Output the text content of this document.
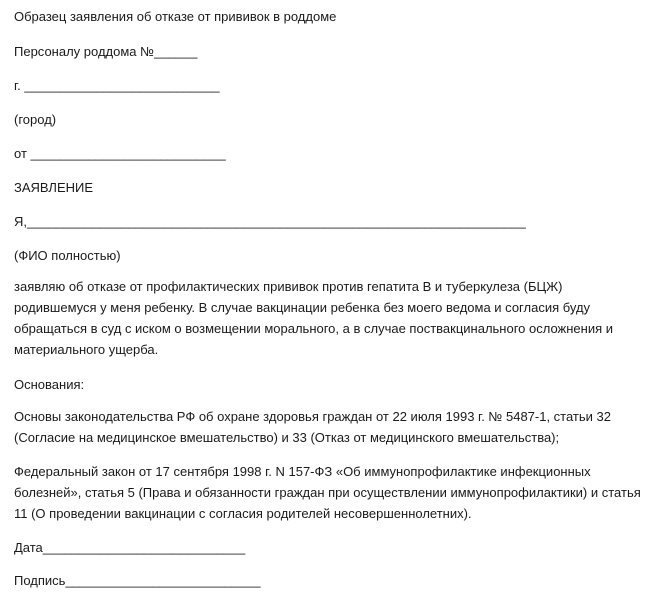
Образец заявления об отказе от прививок в роддоме
Персоналу роддома №______
г. ___________________________
(город)
от ___________________________
ЗАЯВЛЕНИЕ
Я,_____________________________________________________________________
(ФИО полностью)
заявляю об отказе от профилактических прививок против гепатита В и туберкулеза (БЦЖ)
родившемуся у меня ребенку. В случае вакцинации ребенка без моего ведома и согласия буду
обращаться в суд с иском о возмещении морального, а в случае поствакцинального осложнения и
материального ущерба.
Основания:
Основы законодательства РФ об охране здоровья граждан от 22 июля 1993 г. № 5487-1, статьи 32
(Согласие на медицинское вмешательство) и 33 (Отказ от медицинского вмешательства);
Федеральный закон от 17 сентября 1998 г. N 157-ФЗ «Об иммунопрофилактике инфекционных
болезней», статья 5 (Права и обязанности граждан при осуществлении иммунопрофилактики) и статья
11 (О проведении вакцинации с согласия родителей несовершеннолетних).
Дата____________________________
Подпись___________________________
